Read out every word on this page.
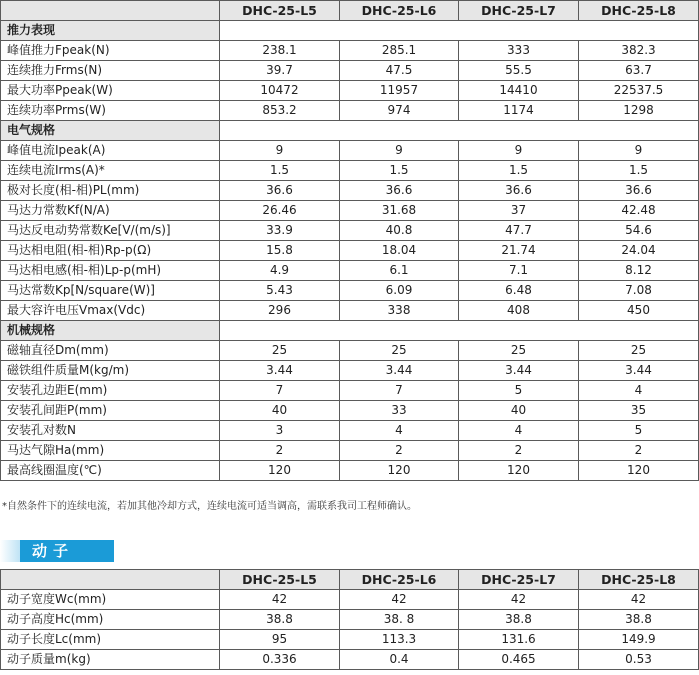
	DHC-25-L5	DHC-25-L6	DHC-25-L7	DHC-25-L8
推力表现				
峰值推力Fpeak(N)	238.1	285.1	333	382.3
连续推力Frms(N)	39.7	47.5	55.5	63.7
最大功率Ppeak(W)	10472	11957	14410	22537.5
连续功率Prms(W)	853.2	974	1174	1298
电气规格				
峰值电流Ipeak(A)	9	9	9	9
连续电流Irms(A)*	1.5	1.5	1.5	1.5
极对长度(相-相)PL(mm)	36.6	36.6	36.6	36.6
马达力常数Kf(N/A)	26.46	31.68	37	42.48
马达反电动势常数Ke[V/(m/s)]	33.9	40.8	47.7	54.6
马达相电阻(相-相)Rp-p(Ω)	15.8	18.04	21.74	24.04
马达相电感(相-相)Lp-p(mH)	4.9	6.1	7.1	8.12
马达常数Kp[N/square(W)]	5.43	6.09	6.48	7.08
最大容许电压Vmax(Vdc)	296	338	408	450
机械规格				
磁轴直径Dm(mm)	25	25	25	25
磁铁组件质量M(kg/m)	3.44	3.44	3.44	3.44
安装孔边距E(mm)	7	7	5	4
安装孔间距P(mm)	40	33	40	35
安装孔对数N	3	4	4	5
马达气隙Ha(mm)	2	2	2	2
最高线圈温度(℃)	120	120	120	120
*自然条件下的连续电流，若加其他冷却方式，连续电流可适当调高，需联系我司工程师确认。
动子
	DHC-25-L5	DHC-25-L6	DHC-25-L7	DHC-25-L8
动子宽度Wc(mm)	42	42	42	42
动子高度Hc(mm)	38.8	38. 8	38.8	38.8
动子长度Lc(mm)	95	113.3	131.6	149.9
动子质量m(kg)	0.336	0.4	0.465	0.53
